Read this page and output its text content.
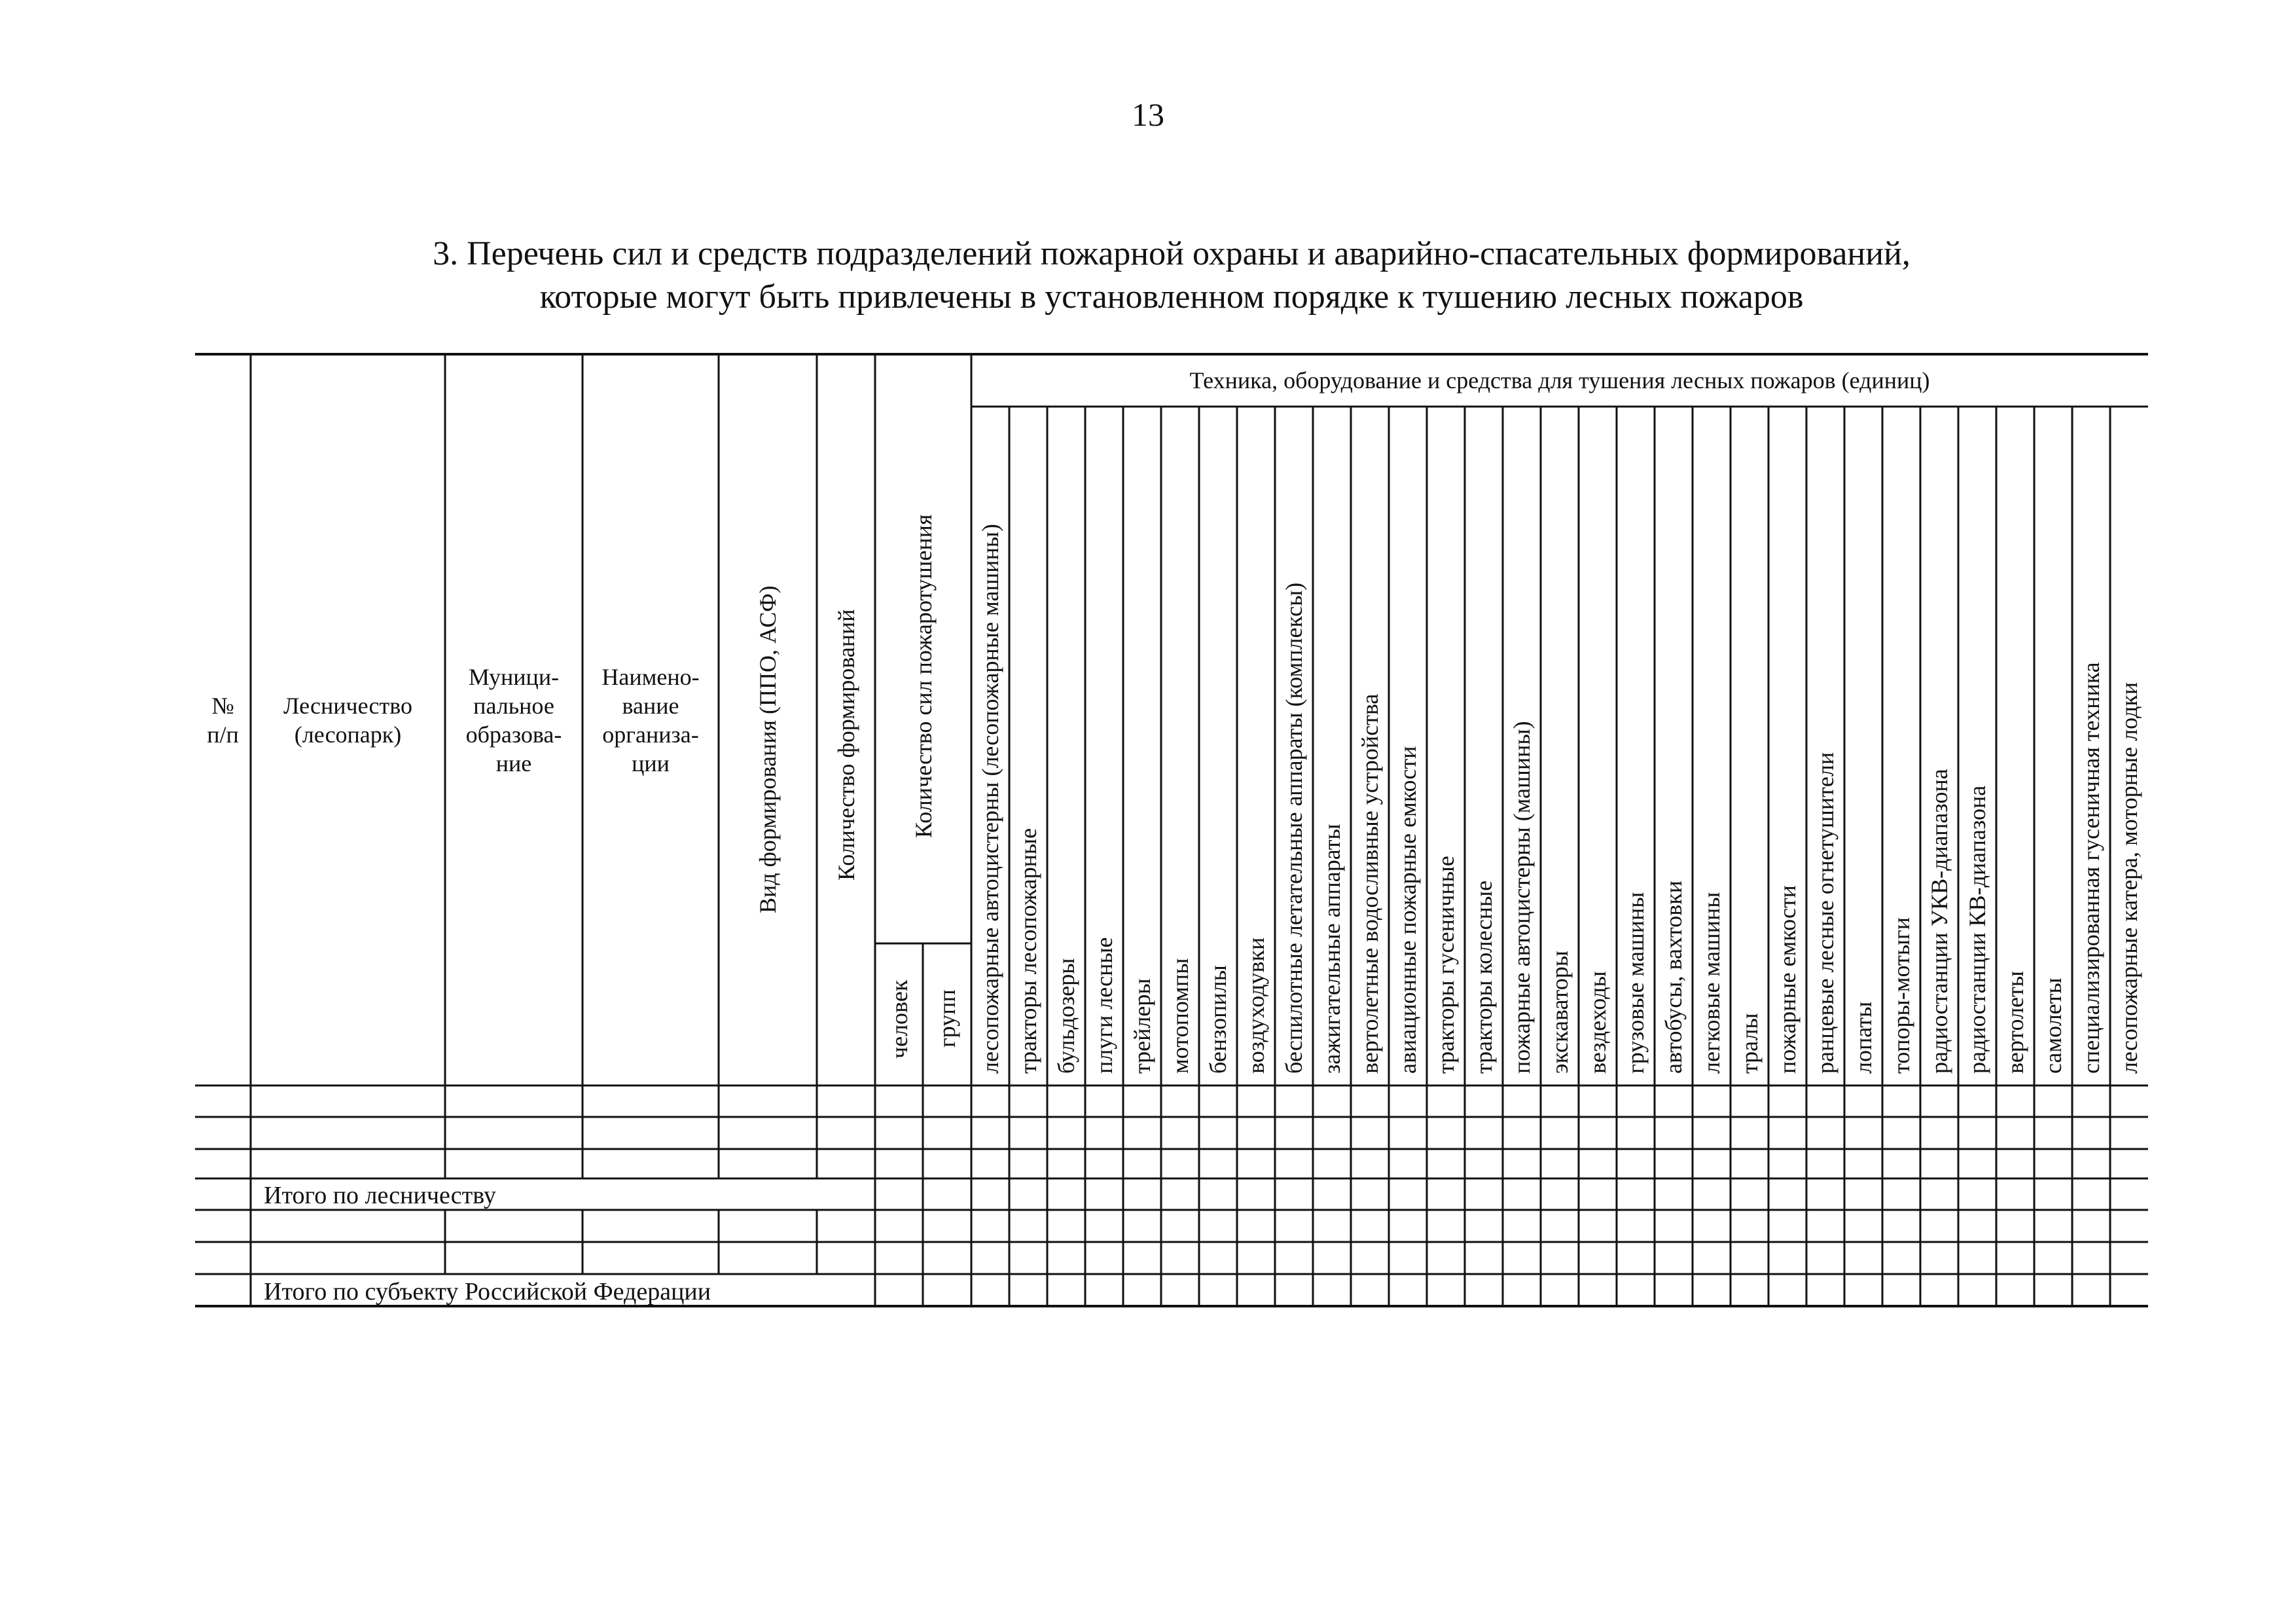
13
3. Перечень сил и средств подразделений пожарной охраны и аварийно-спасательных формирований,
которые могут быть привлечены в установленном порядке к тушению лесных пожаров
№
п/п
Лесничество
(лесопарк)
Муници-
пальное
образова-
ние
Наимено-
вание
организа-
ции	Вид формирования (ППО, АСФ) Количество формирований Количество сил пожаротушения
человек групп
Техника, оборудование и средства для тушения лесных пожаров (единиц)
лесопожарные автоцистерны (лесопожарные машины) тракторы лесопожарные бульдозеры плуги лесные трейлеры мотопомпы бензопилы воздуходувки беспилотные летательные аппараты (комплексы) зажигательные аппараты вертолетные водосливные устройства авиационные пожарные емкости тракторы гусеничные тракторы колесные пожарные автоцистерны (машины) экскаваторы вездеходы грузовые машины автобусы, вахтовки легковые машины тралы пожарные емкости ранцевые лесные огнетушители лопаты топоры-мотыги радиостанции УКВ-диапазона радиостанции КВ-диапазона вертолеты самолеты специализированная гусеничная техника лесопожарные катера, моторные лодки
Итого по лесничеству
Итого по субъекту Российской Федерации
